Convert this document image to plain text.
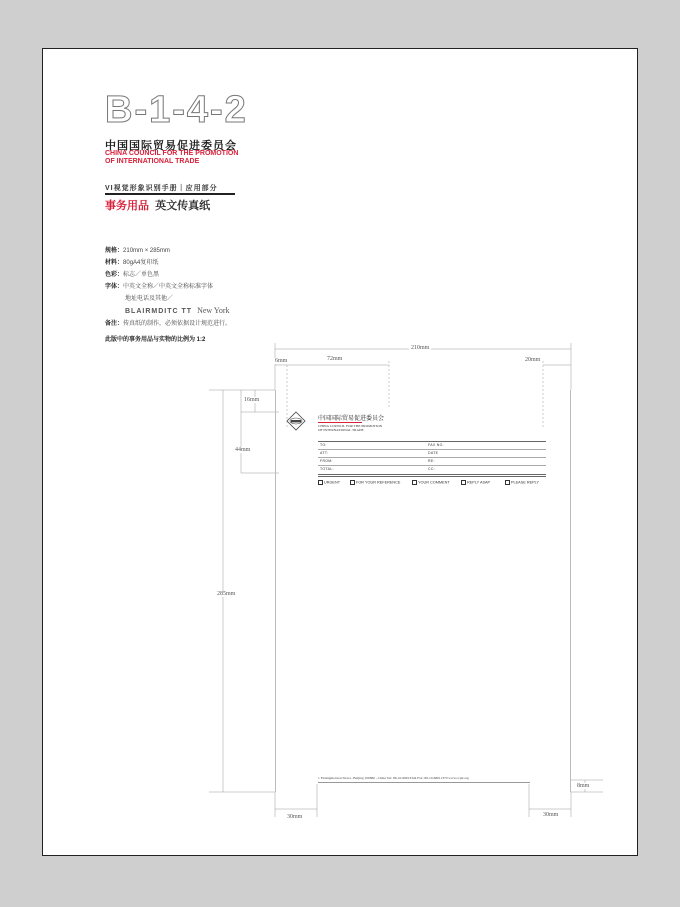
B-1-4-2
中国国际贸易促进委员会
CHINA COUNCIL FOR THE PROMOTION
OF INTERNATIONAL TRADE
VI视觉形象识别手册｜应用部分
事务用品 英文传真纸
规格：210mm × 285mm
材料：80gA4复印纸
色彩：标志／单色黑
字体：中英文全称／中英文全称标准字体
地址电话及其他／
BLAIRMDITC TT New York
备注：传真纸的制作，必须依据设计规范进行。
此版中的事务用品与实物的比例为 1:2
210mm
6mm	72mm	20mm
16mm
44mm
285mm
8mm
30mm	30mm
中国国际贸易促进委员会
CHINA COUNCIL FOR THE PROMOTION
OF INTERNATIONAL TRADE
TO:	FAX NO.
ATT:	DATE
FROM:	RE:
TOTAL:	CC:
URGENT	FOR YOUR REFERENCE	YOUR COMMENT	REPLY ASAP	PLEASE REPLY
1 Fuxingmenwai Street , Beijing 100860 , China Tel: 86-10-68013344 Fax: 86-10-68011370 www.ccpit.org
